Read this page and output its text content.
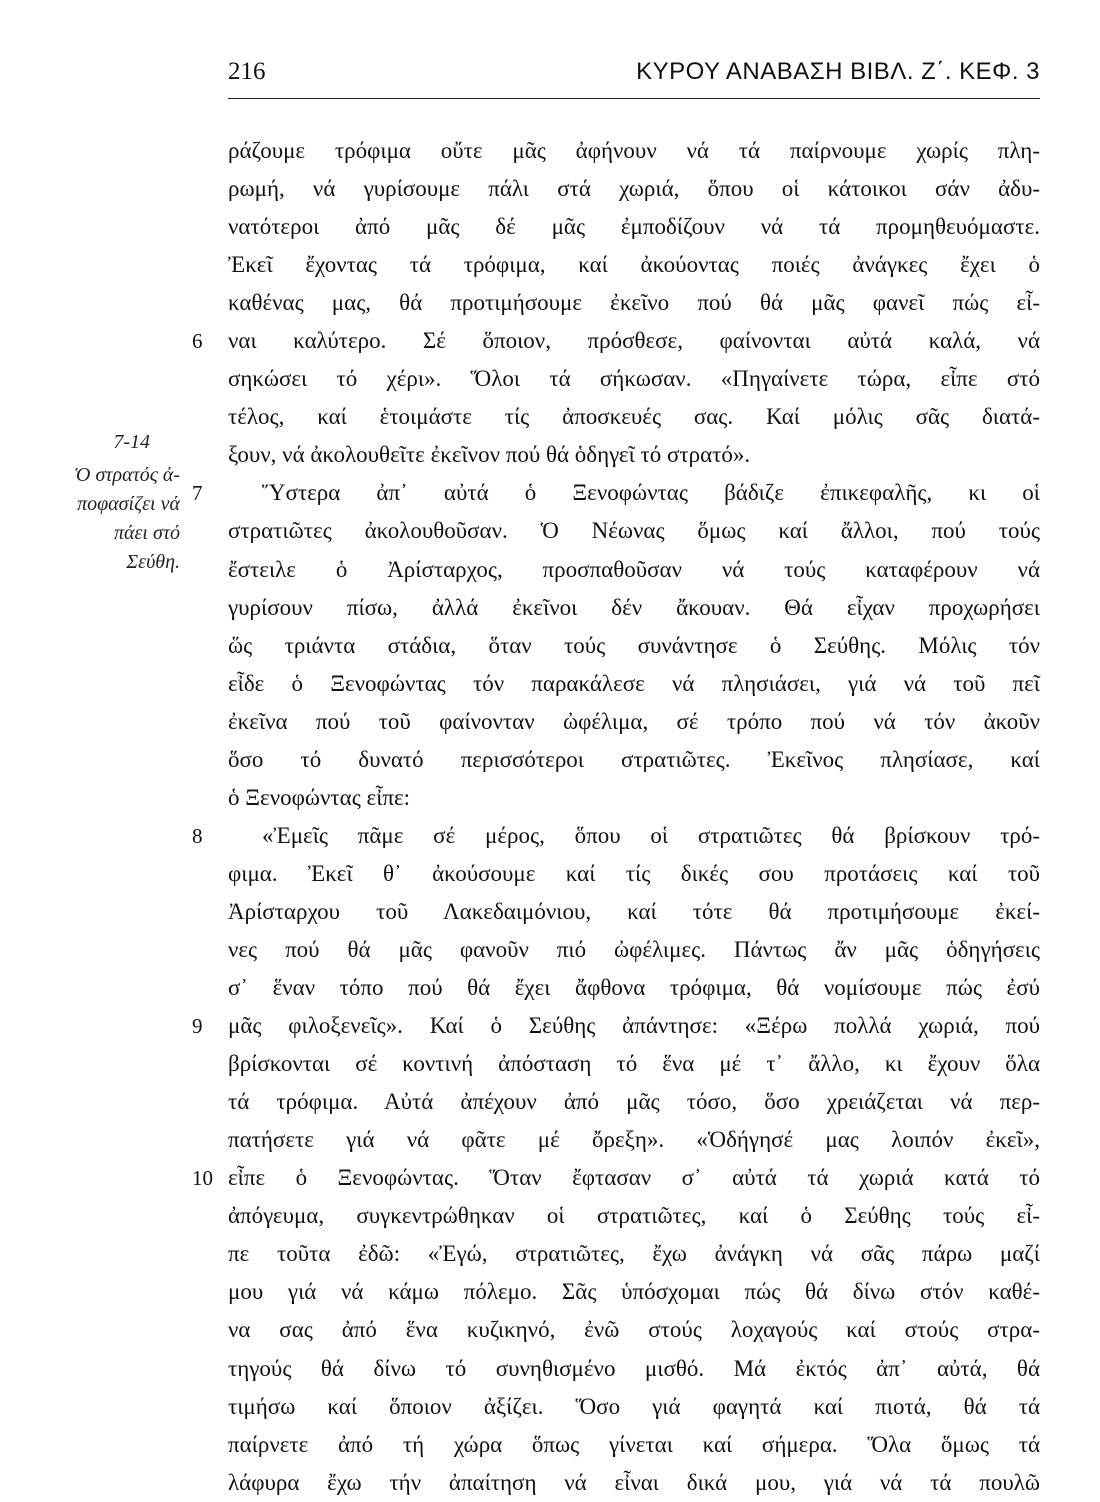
216	ΚΥΡΟΥ ΑΝΑΒΑΣΗ ΒΙΒΛ. Ζ΄. ΚΕΦ. 3
7-14
Ὁ στρατός ἀ-
ποφασίζει νά
πάει στό
Σεύθη.
ράζουμε τρόφιμα οὔτε μᾶς ἀφήνουν νά τά παίρνουμε χωρίς πλη-
ρωμή, νά γυρίσουμε πάλι στά χωριά, ὅπου οἱ κάτοικοι σάν ἀδυ-
νατότεροι ἀπό μᾶς δέ μᾶς ἐμποδίζουν νά τά προμηθευόμαστε.
Ἐκεῖ ἔχοντας τά τρόφιμα, καί ἀκούοντας ποιές ἀνάγκες ἔχει ὁ
καθένας μας, θά προτιμήσουμε ἐκεῖνο πού θά μᾶς φανεῖ πώς εἶ-
6	ναι καλύτερο. Σέ ὅποιον, πρόσθεσε, φαίνονται αὐτά καλά, νά
σηκώσει τό χέρι». Ὅλοι τά σήκωσαν. «Πηγαίνετε τώρα, εἶπε στό
τέλος, καί ἑτοιμάστε τίς ἀποσκευές σας. Καί μόλις σᾶς διατά-
ξουν, νά ἀκολουθεῖτε ἐκεῖνον πού θά ὁδηγεῖ τό στρατό».
7	Ὕστερα ἀπ᾽ αὐτά ὁ Ξενοφώντας βάδιζε ἐπικεφαλῆς, κι οἱ
στρατιῶτες ἀκολουθοῦσαν. Ὁ Νέωνας ὅμως καί ἄλλοι, πού τούς
ἔστειλε ὁ Ἀρίσταρχος, προσπαθοῦσαν νά τούς καταφέρουν νά
γυρίσουν πίσω, ἀλλά ἐκεῖνοι δέν ἄκουαν. Θά εἶχαν προχωρήσει
ὥς τριάντα στάδια, ὅταν τούς συνάντησε ὁ Σεύθης. Μόλις τόν
εἶδε ὁ Ξενοφώντας τόν παρακάλεσε νά πλησιάσει, γιά νά τοῦ πεῖ
ἐκεῖνα πού τοῦ φαίνονταν ὠφέλιμα, σέ τρόπο πού νά τόν ἀκοῦν
ὅσο τό δυνατό περισσότεροι στρατιῶτες. Ἐκεῖνος πλησίασε, καί
ὁ Ξενοφώντας εἶπε:
8	«Ἐμεῖς πᾶμε σέ μέρος, ὅπου οἱ στρατιῶτες θά βρίσκουν τρό-
φιμα. Ἐκεῖ θ᾽ ἀκούσουμε καί τίς δικές σου προτάσεις καί τοῦ
Ἀρίσταρχου τοῦ Λακεδαιμόνιου, καί τότε θά προτιμήσουμε ἐκεί-
νες πού θά μᾶς φανοῦν πιό ὠφέλιμες. Πάντως ἄν μᾶς ὁδηγήσεις
σ᾽ ἕναν τόπο πού θά ἔχει ἄφθονα τρόφιμα, θά νομίσουμε πώς ἐσύ
9	μᾶς φιλοξενεῖς». Καί ὁ Σεύθης ἀπάντησε: «Ξέρω πολλά χωριά, πού
βρίσκονται σέ κοντινή ἀπόσταση τό ἕνα μέ τ᾽ ἄλλο, κι ἔχουν ὅλα
τά τρόφιμα. Αὐτά ἀπέχουν ἀπό μᾶς τόσο, ὅσο χρειάζεται νά περ-
πατήσετε γιά νά φᾶτε μέ ὄρεξη». «Ὁδήγησέ μας λοιπόν ἐκεῖ»,
10 εἶπε ὁ Ξενοφώντας. Ὅταν ἔφτασαν σ᾽ αὐτά τά χωριά κατά τό
ἀπόγευμα, συγκεντρώθηκαν οἱ στρατιῶτες, καί ὁ Σεύθης τούς εἶ-
πε τοῦτα ἐδῶ: «Ἐγώ, στρατιῶτες, ἔχω ἀνάγκη νά σᾶς πάρω μαζί
μου γιά νά κάμω πόλεμο. Σᾶς ὑπόσχομαι πώς θά δίνω στόν καθέ-
να σας ἀπό ἕνα κυζικηνό, ἐνῶ στούς λοχαγούς καί στούς στρα-
τηγούς θά δίνω τό συνηθισμένο μισθό. Μά ἐκτός ἀπ᾽ αὐτά, θά
τιμήσω καί ὅποιον ἀξίζει. Ὅσο γιά φαγητά καί πιοτά, θά τά
παίρνετε ἀπό τή χώρα ὅπως γίνεται καί σήμερα. Ὅλα ὅμως τά
λάφυρα ἔχω τήν ἀπαίτηση νά εἶναι δικά μου, γιά νά τά πουλῶ
